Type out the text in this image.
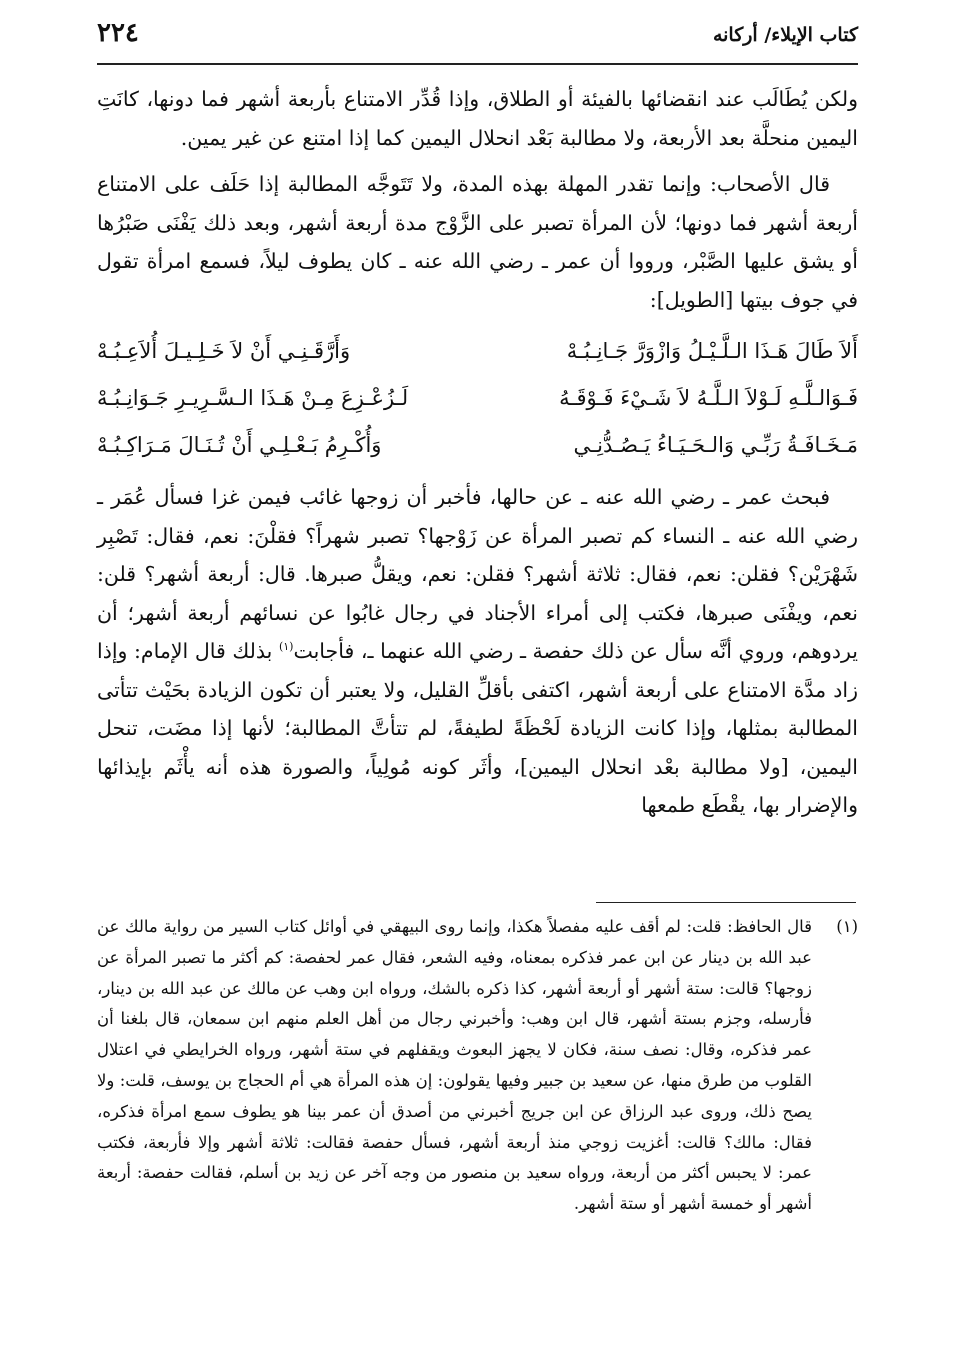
كتاب الإيلاء/ أركانه
٢٢٤

ولكن يُطَالَب عند انقضائها بالفيئة أو الطلاق، وإذا قُدِّر الامتناع بأربعة أشهر فما دونها، كانَتِ اليمين منحلَّة بعد الأربعة، ولا مطالبة بَعْد انحلال اليمين كما إذا امتنع عن غير يمين.

قال الأصحاب: وإنما تقدر المهلة بهذه المدة، ولا تَتَوجَّه المطالبة إذا حَلَف على الامتناع أربعة أشهر فما دونها؛ لأن المرأة تصبر على الزَّوْج مدة أربعة أشهر، وبعد ذلك يَفْنَى صَبْرُها أو يشق عليها الصَّبْر، ورووا أن عمر ـ رضي الله عنه ـ كان يطوف ليلاً، فسمع امرأة تقول في جوف بيتها [الطويل]:

أَلاَ طَالَ هَـذَا الـلَّـيْـلُ وَازْوَرَّ جَـانِـبُـهْ
وَأَرَّقَـنِـي أَنْ لاَ خَـلِـيـلَ أُلاَعِـبُـهْ
فَـوَالـلَّـهِ لَـوْلاَ الـلَّـهُ لاَ شَـيْءَ فَـوْقَـهُ
لَـزُعْـزِعَ مِـنْ هَـذَا الـسَّـرِيـرِ جَـوَانِـبُـهْ
مَـخَـافَـةُ رَبِّـي وَالـحَـيَـاءُ يَـصُـدُّنِـي
وَأُكْـرِمُ بَـعْـلِـي أَنْ تُـنَـالَ مَـرَاكِـبُـهْ

فبحث عمر ـ رضي الله عنه ـ عن حالها، فأخبر أن زوجها غائب فيمن غزا فسأل عُمَر ـ رضي الله عنه ـ النساء كم تصبر المرأة عن زَوْجها؟ تصبر شهراً؟ فقلْنَ: نعم، فقال: تَصْبِر شَهْرَيْن؟ فقلن: نعم، فقال: ثلاثة أشهر؟ فقلن: نعم، ويقلُّ صبرها. قال: أربعة أشهر؟ قلن: نعم، ويفْنَى صبرها، فكتب إلى أمراء الأجناد في رجال غابُوا عن نسائهم أربعة أشهر؛ أن يردوهم، وروي أنَّه سأل عن ذلك حفصة ـ رضي الله عنهما ـ، فأجابت$^{(١)}$ بذلك قال الإمام: وإذا زاد مدَّة الامتناع على أربعة أشهر، اكتفى بأقلِّ القليل، ولا يعتبر أن تكون الزيادة بحَيْث تتأتى المطالبة بمثلها، وإذا كانت الزيادة لَحْظَةً لطيفةً، لم تتأتَّ المطالبة؛ لأنها إذا مضَت، تنحل اليمين، [ولا مطالبة بعْد انحلال اليمين]، وأثَر كونه مُولِياً، والصورة هذه أنه يأْثَم بإيذائها والإضرار بها، يقْطَع طمعها

(١)
قال الحافظ: قلت: لم أقف عليه مفصلاً هكذا، وإنما روى البيهقي في أوائل كتاب السير من رواية مالك عن عبد الله بن دينار عن ابن عمر فذكره بمعناه، وفيه الشعر، فقال عمر لحفصة: كم أكثر ما تصبر المرأة عن زوجها؟ قالت: ستة أشهر أو أربعة أشهر، كذا ذكره بالشك، ورواه ابن وهب عن مالك عن عبد الله بن دينار، فأرسله، وجزم بستة أشهر، قال ابن وهب: وأخبرني رجال من أهل العلم منهم ابن سمعان، قال بلغنا أن عمر فذكره، وقال: نصف سنة، فكان لا يجهز البعوث ويقفلهم في ستة أشهر، ورواه الخرايطي في اعتلال القلوب من طرق منها، عن سعيد بن جبير وفيها يقولون: إن هذه المرأة هي أم الحجاج بن يوسف، قلت: ولا يصح ذلك، وروى عبد الرزاق عن ابن جريج أخبرني من أصدق أن عمر بينا هو يطوف سمع امرأة فذكره، فقال: مالك؟ قالت: أغزيت زوجي منذ أربعة أشهر، فسأل حفصة فقالت: ثلاثة أشهر وإلا فأربعة، فكتب عمر: لا يحبس أكثر من أربعة، ورواه سعيد بن منصور من وجه آخر عن زيد بن أسلم، فقالت حفصة: أربعة أشهر أو خمسة أشهر أو ستة أشهر.
